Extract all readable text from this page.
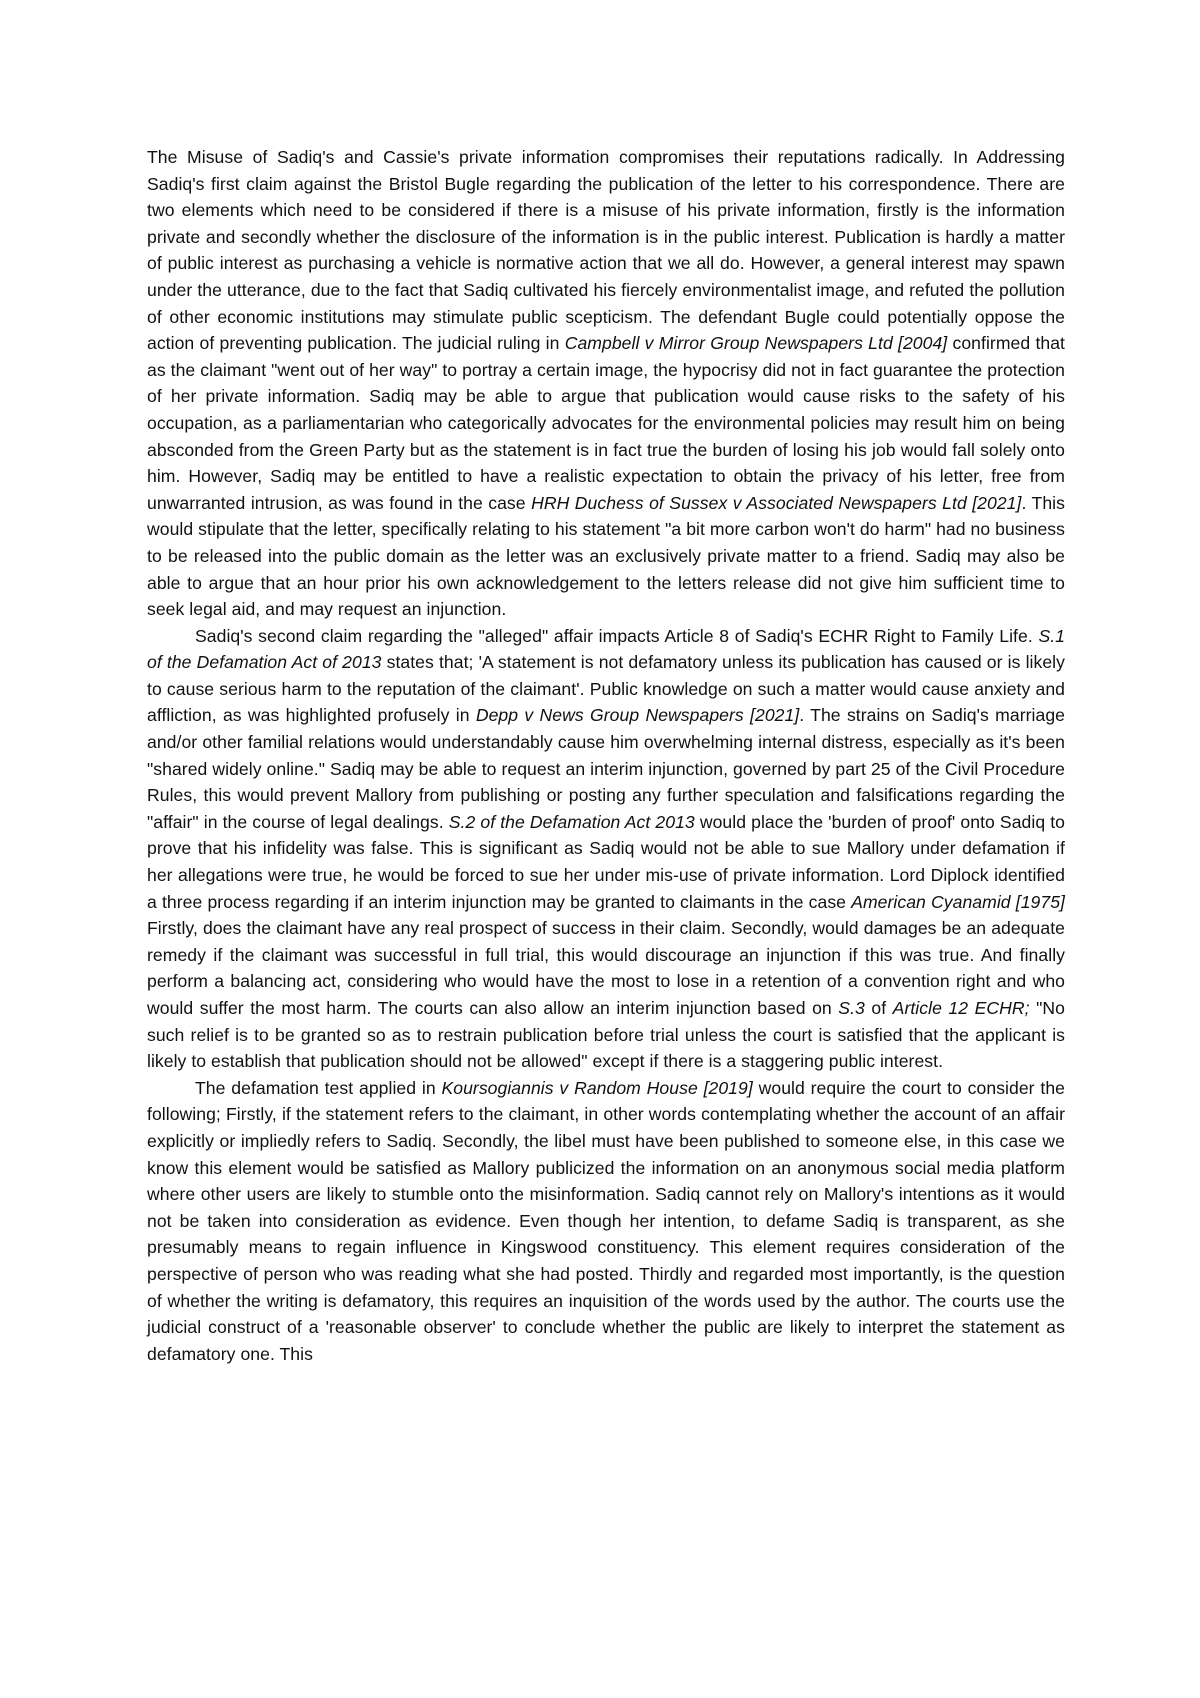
The Misuse of Sadiq's and Cassie's private information compromises their reputations radically. In Addressing Sadiq's first claim against the Bristol Bugle regarding the publication of the letter to his correspondence. There are two elements which need to be considered if there is a misuse of his private information, firstly is the information private and secondly whether the disclosure of the information is in the public interest. Publication is hardly a matter of public interest as purchasing a vehicle is normative action that we all do. However, a general interest may spawn under the utterance, due to the fact that Sadiq cultivated his fiercely environmentalist image, and refuted the pollution of other economic institutions may stimulate public scepticism. The defendant Bugle could potentially oppose the action of preventing publication. The judicial ruling in Campbell v Mirror Group Newspapers Ltd [2004] confirmed that as the claimant "went out of her way" to portray a certain image, the hypocrisy did not in fact guarantee the protection of her private information. Sadiq may be able to argue that publication would cause risks to the safety of his occupation, as a parliamentarian who categorically advocates for the environmental policies may result him on being absconded from the Green Party but as the statement is in fact true the burden of losing his job would fall solely onto him. However, Sadiq may be entitled to have a realistic expectation to obtain the privacy of his letter, free from unwarranted intrusion, as was found in the case HRH Duchess of Sussex v Associated Newspapers Ltd [2021]. This would stipulate that the letter, specifically relating to his statement "a bit more carbon won't do harm" had no business to be released into the public domain as the letter was an exclusively private matter to a friend. Sadiq may also be able to argue that an hour prior his own acknowledgement to the letters release did not give him sufficient time to seek legal aid, and may request an injunction.

Sadiq's second claim regarding the "alleged" affair impacts Article 8 of Sadiq's ECHR Right to Family Life. S.1 of the Defamation Act of 2013 states that; 'A statement is not defamatory unless its publication has caused or is likely to cause serious harm to the reputation of the claimant'. Public knowledge on such a matter would cause anxiety and affliction, as was highlighted profusely in Depp v News Group Newspapers [2021]. The strains on Sadiq's marriage and/or other familial relations would understandably cause him overwhelming internal distress, especially as it's been "shared widely online." Sadiq may be able to request an interim injunction, governed by part 25 of the Civil Procedure Rules, this would prevent Mallory from publishing or posting any further speculation and falsifications regarding the "affair" in the course of legal dealings. S.2 of the Defamation Act 2013 would place the 'burden of proof' onto Sadiq to prove that his infidelity was false. This is significant as Sadiq would not be able to sue Mallory under defamation if her allegations were true, he would be forced to sue her under mis-use of private information. Lord Diplock identified a three process regarding if an interim injunction may be granted to claimants in the case American Cyanamid [1975] Firstly, does the claimant have any real prospect of success in their claim. Secondly, would damages be an adequate remedy if the claimant was successful in full trial, this would discourage an injunction if this was true. And finally perform a balancing act, considering who would have the most to lose in a retention of a convention right and who would suffer the most harm. The courts can also allow an interim injunction based on S.3 of Article 12 ECHR; "No such relief is to be granted so as to restrain publication before trial unless the court is satisfied that the applicant is likely to establish that publication should not be allowed" except if there is a staggering public interest.

The defamation test applied in Koursogiannis v Random House [2019] would require the court to consider the following; Firstly, if the statement refers to the claimant, in other words contemplating whether the account of an affair explicitly or impliedly refers to Sadiq. Secondly, the libel must have been published to someone else, in this case we know this element would be satisfied as Mallory publicized the information on an anonymous social media platform where other users are likely to stumble onto the misinformation. Sadiq cannot rely on Mallory's intentions as it would not be taken into consideration as evidence. Even though her intention, to defame Sadiq is transparent, as she presumably means to regain influence in Kingswood constituency. This element requires consideration of the perspective of person who was reading what she had posted. Thirdly and regarded most importantly, is the question of whether the writing is defamatory, this requires an inquisition of the words used by the author. The courts use the judicial construct of a 'reasonable observer' to conclude whether the public are likely to interpret the statement as defamatory one. This
